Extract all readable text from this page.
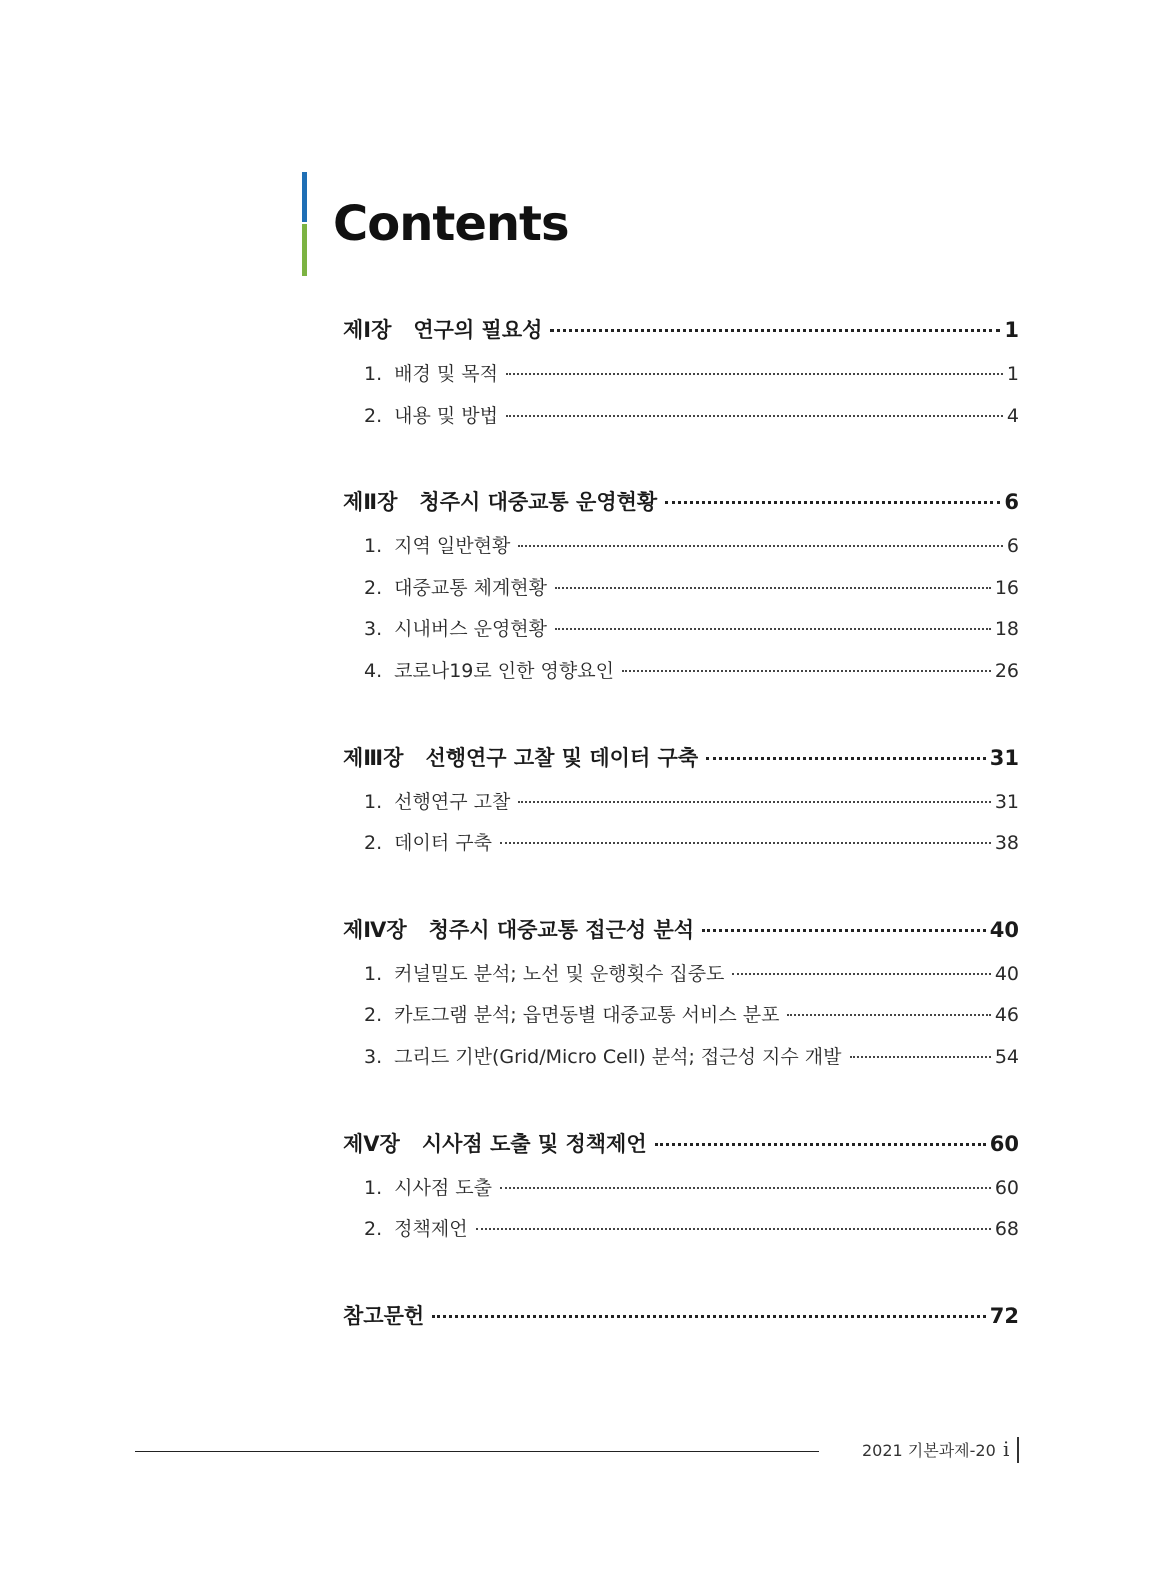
Contents
제Ⅰ장 연구의 필요성	1
1. 배경 및 목적	1
2. 내용 및 방법	4
제Ⅱ장 청주시 대중교통 운영현황	6
1. 지역 일반현황	6
2. 대중교통 체계현황	16
3. 시내버스 운영현황	18
4. 코로나19로 인한 영향요인	26
제Ⅲ장 선행연구 고찰 및 데이터 구축	31
1. 선행연구 고찰	31
2. 데이터 구축	38
제Ⅳ장 청주시 대중교통 접근성 분석	40
1. 커널밀도 분석; 노선 및 운행횟수 집중도	40
2. 카토그램 분석; 읍면동별 대중교통 서비스 분포	46
3. 그리드 기반(Grid/Micro Cell) 분석; 접근성 지수 개발	54
제Ⅴ장 시사점 도출 및 정책제언	60
1. 시사점 도출	60
2. 정책제언	68
참고문헌	72
2021 기본과제-20 i
